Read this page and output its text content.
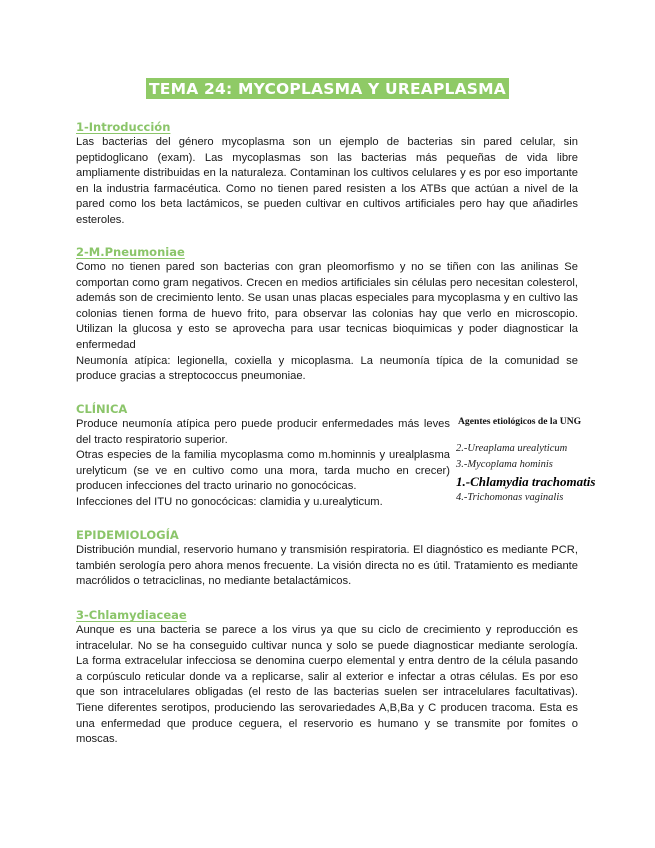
TEMA 24: MYCOPLASMA Y UREAPLASMA

1-Introducción

Las bacterias del género mycoplasma son un ejemplo de bacterias sin pared celular, sin peptidoglicano (exam). Las mycoplasmas son las bacterias más pequeñas de vida libre ampliamente distribuidas en la naturaleza. Contaminan los cultivos celulares y es por eso importante en la industria farmacéutica. Como no tienen pared resisten a los ATBs que actúan a nivel de la pared como los beta lactámicos, se pueden cultivar en cultivos artificiales pero hay que añadirles esteroles.

2-M.Pneumoniae

Como no tienen pared son bacterias con gran pleomorfismo y no se tiñen con las anilinas Se comportan como gram negativos. Crecen en medios artificiales sin células pero necesitan colesterol, además son de crecimiento lento. Se usan unas placas especiales para mycoplasma y en cultivo las colonias tienen forma de huevo frito, para observar las colonias hay que verlo en microscopio. Utilizan la glucosa y esto se aprovecha para usar tecnicas bioquimicas y poder diagnosticar la enfermedad

Neumonía atípica: legionella, coxiella y micoplasma. La neumonía típica de la comunidad se produce gracias a streptococcus pneumoniae.

CLÍNICA

Produce neumonía atípica pero puede producir enfermedades más leves del tracto respiratorio superior.

Otras especies de la familia mycoplasma como m.hominnis y urealplasma urelyticum (se ve en cultivo como una mora, tarda mucho en crecer) producen infecciones del tracto urinario no gonocócicas.

Infecciones del ITU no gonocócicas: clamidia y u.urealyticum.

Agentes etiológicos de la UNG
2.-Ureaplama urealyticum
3.-Mycoplama hominis
1.-Chlamydia trachomatis
4.-Trichomonas vaginalis

EPIDEMIOLOGÍA

Distribución mundial, reservorio humano y transmisión respiratoria. El diagnóstico es mediante PCR, también serología pero ahora menos frecuente. La visión directa no es útil. Tratamiento es mediante macrólidos o tetraciclinas, no mediante betalactámicos.

3-Chlamydiaceae

Aunque es una bacteria se parece a los virus ya que su ciclo de crecimiento y reproducción es intracelular. No se ha conseguido cultivar nunca y solo se puede diagnosticar mediante serología. La forma extracelular infecciosa se denomina cuerpo elemental y entra dentro de la célula pasando a corpúsculo reticular donde va a replicarse, salir al exterior e infectar a otras células. Es por eso que son intracelulares obligadas (el resto de las bacterias suelen ser intracelulares facultativas). Tiene diferentes serotipos, produciendo las serovariedades A,B,Ba y C producen tracoma. Esta es una enfermedad que produce ceguera, el reservorio es humano y se transmite por fomites o moscas.
